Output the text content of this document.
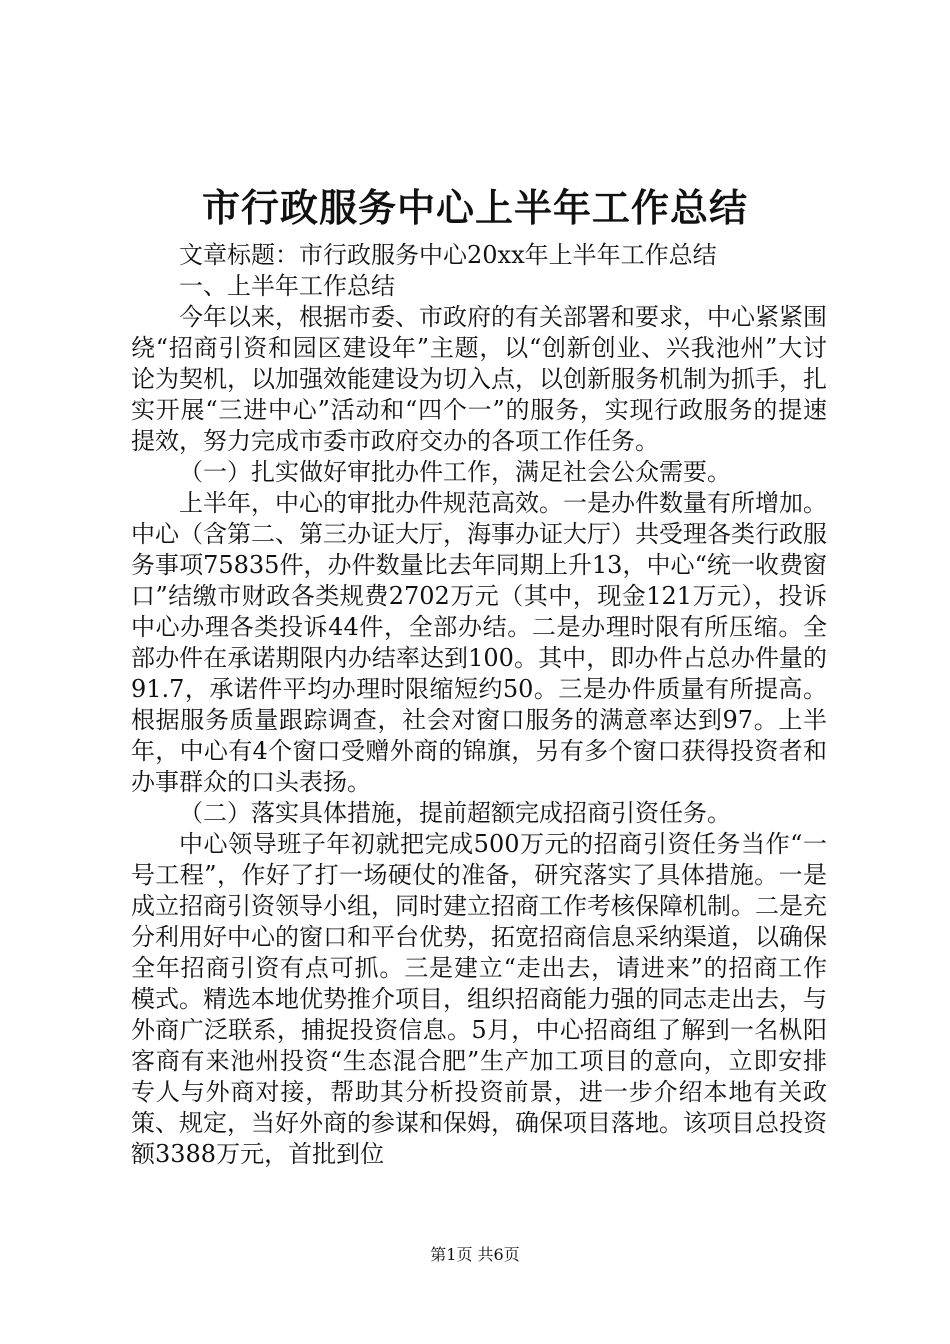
市行政服务中心上半年工作总结

文章标题：市行政服务中心20xx年上半年工作总结

一、上半年工作总结

今年以来，根据市委、市政府的有关部署和要求，中心紧紧围绕“招商引资和园区建设年”主题，以“创新创业、兴我池州”大讨论为契机，以加强效能建设为切入点，以创新服务机制为抓手，扎实开展“三进中心”活动和“四个一”的服务，实现行政服务的提速提效，努力完成市委市政府交办的各项工作任务。

（一）扎实做好审批办件工作，满足社会公众需要。

上半年，中心的审批办件规范高效。一是办件数量有所增加。中心（含第二、第三办证大厅，海事办证大厅）共受理各类行政服务事项75835件，办件数量比去年同期上升13，中心“统一收费窗口”结缴市财政各类规费2702万元（其中，现金121万元），投诉中心办理各类投诉44件，全部办结。二是办理时限有所压缩。全部办件在承诺期限内办结率达到100。其中，即办件占总办件量的91.7，承诺件平均办理时限缩短约50。三是办件质量有所提高。根据服务质量跟踪调查，社会对窗口服务的满意率达到97。上半年，中心有4个窗口受赠外商的锦旗，另有多个窗口获得投资者和办事群众的口头表扬。

（二）落实具体措施，提前超额完成招商引资任务。

中心领导班子年初就把完成500万元的招商引资任务当作“一号工程”，作好了打一场硬仗的准备，研究落实了具体措施。一是成立招商引资领导小组，同时建立招商工作考核保障机制。二是充分利用好中心的窗口和平台优势，拓宽招商信息采纳渠道，以确保全年招商引资有点可抓。三是建立“走出去，请进来”的招商工作模式。精选本地优势推介项目，组织招商能力强的同志走出去，与外商广泛联系，捕捉投资信息。5月，中心招商组了解到一名枞阳客商有来池州投资“生态混合肥”生产加工项目的意向，立即安排专人与外商对接，帮助其分析投资前景，进一步介绍本地有关政策、规定，当好外商的参谋和保姆，确保项目落地。该项目总投资额3388万元，首批到位

第1页 共6页
